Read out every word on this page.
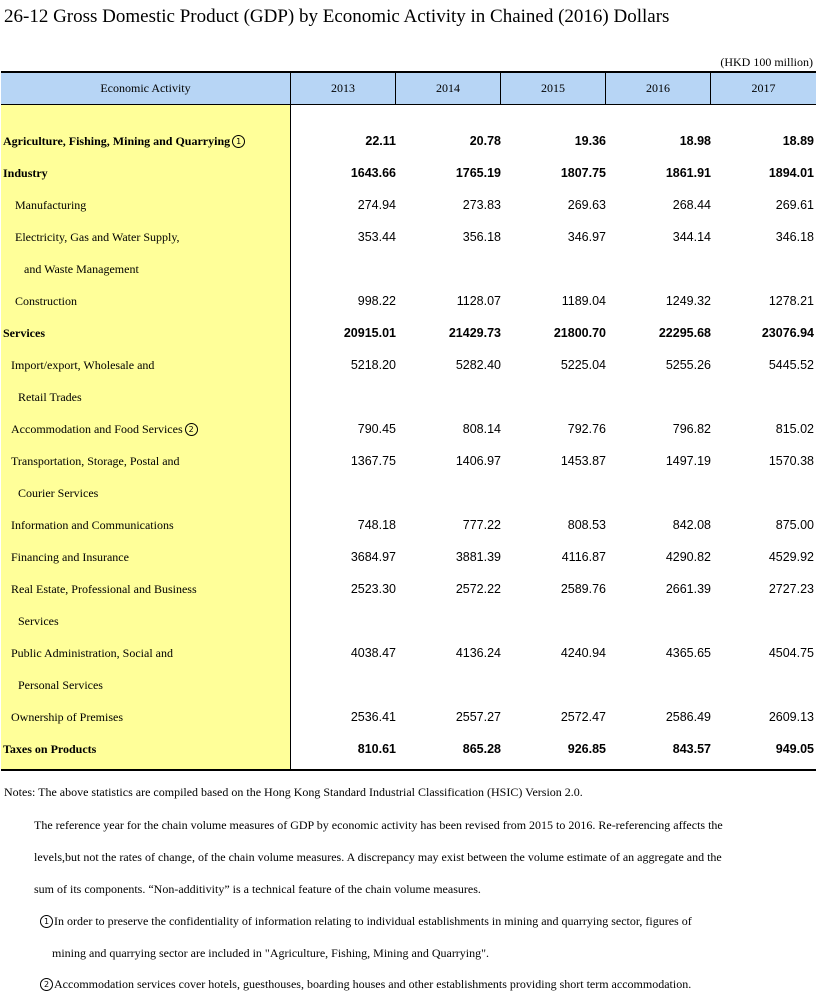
26-12 Gross Domestic Product (GDP) by Economic Activity in Chained (2016) Dollars
(HKD 100 million)
Economic Activity	2013	2014	2015	2016	2017
Agriculture, Fishing, Mining and Quarrying 1	22.11	20.78	19.36	18.98	18.89
Industry	1643.66	1765.19	1807.75	1861.91	1894.01
Manufacturing	274.94	273.83	269.63	268.44	269.61
Electricity, Gas and Water Supply,	353.44	356.18	346.97	344.14	346.18
and Waste Management
Construction	998.22	1128.07	1189.04	1249.32	1278.21
Services	20915.01	21429.73	21800.70	22295.68	23076.94
Import/export, Wholesale and	5218.20	5282.40	5225.04	5255.26	5445.52
Retail Trades
Accommodation and Food Services 2	790.45	808.14	792.76	796.82	815.02
Transportation, Storage, Postal and	1367.75	1406.97	1453.87	1497.19	1570.38
Courier Services
Information and Communications	748.18	777.22	808.53	842.08	875.00
Financing and Insurance	3684.97	3881.39	4116.87	4290.82	4529.92
Real Estate, Professional and Business	2523.30	2572.22	2589.76	2661.39	2727.23
Services
Public Administration, Social and	4038.47	4136.24	4240.94	4365.65	4504.75
Personal Services
Ownership of Premises	2536.41	2557.27	2572.47	2586.49	2609.13
Taxes on Products	810.61	865.28	926.85	843.57	949.05
Notes: The above statistics are compiled based on the Hong Kong Standard Industrial Classification (HSIC) Version 2.0.
The reference year for the chain volume measures of GDP by economic activity has been revised from 2015 to 2016. Re-referencing affects the
levels,but not the rates of change, of the chain volume measures. A discrepancy may exist between the volume estimate of an aggregate and the
sum of its components. “Non-additivity” is a technical feature of the chain volume measures.
1 In order to preserve the confidentiality of information relating to individual establishments in mining and quarrying sector, figures of
mining and quarrying sector are included in "Agriculture, Fishing, Mining and Quarrying".
2 Accommodation services cover hotels, guesthouses, boarding houses and other establishments providing short term accommodation.
